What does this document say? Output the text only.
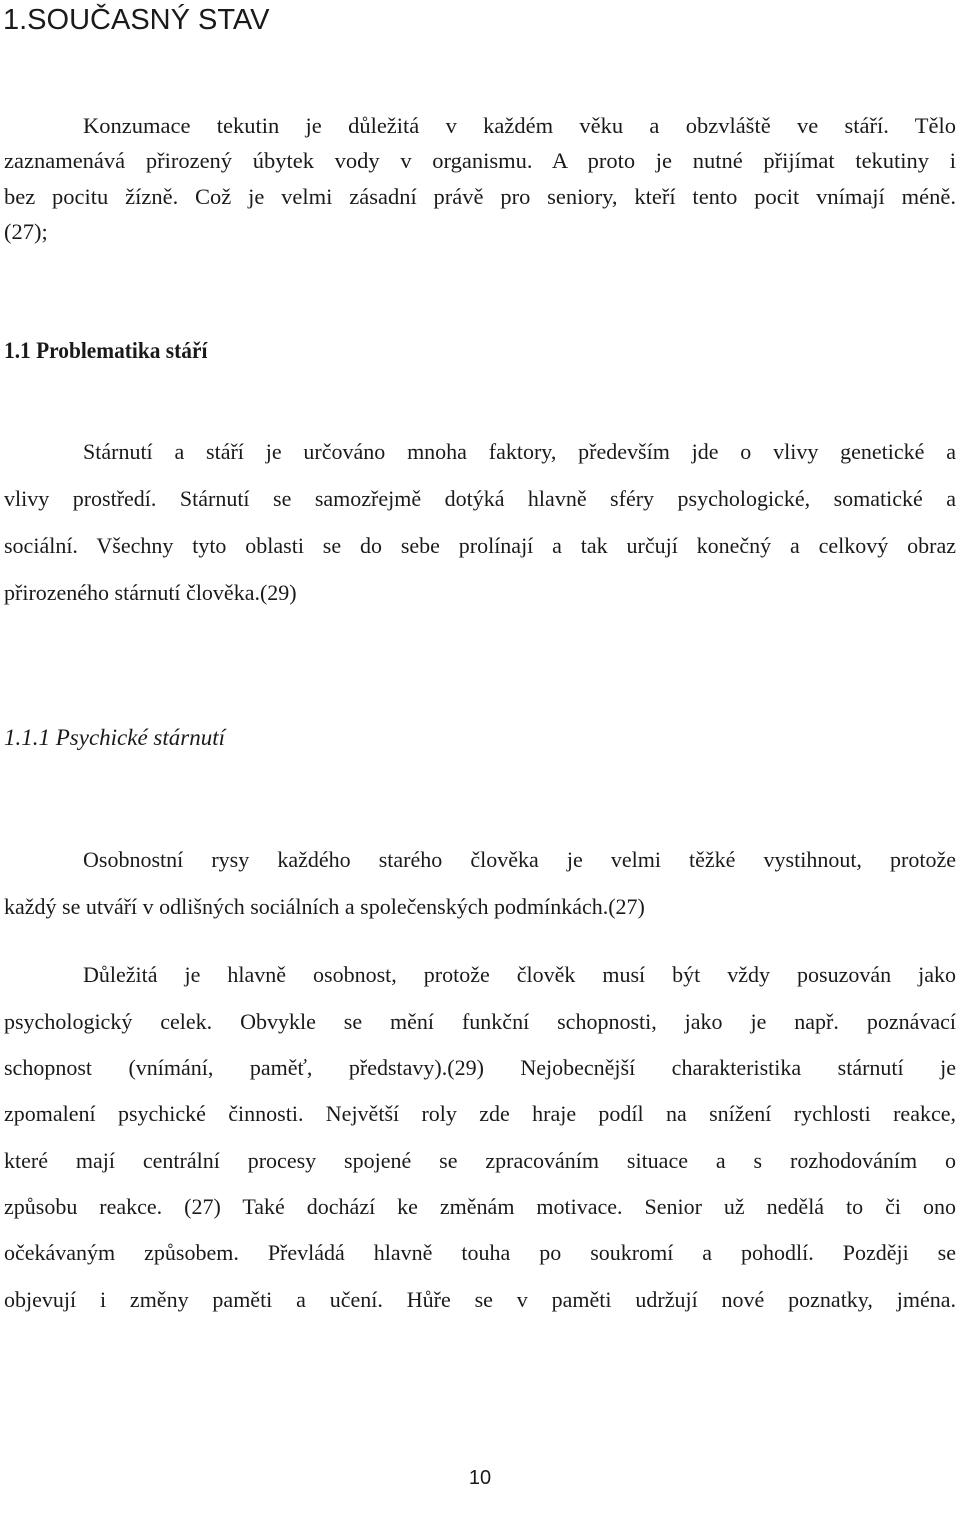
1.SOUČASNÝ STAV
Konzumace tekutin je důležitá v každém věku a obzvláště ve stáří. Tělo
zaznamenává přirozený úbytek vody v organismu. A proto je nutné přijímat tekutiny i
bez pocitu žízně. Což je velmi zásadní právě pro seniory, kteří tento pocit vnímají méně.
(27);
1.1 Problematika stáří
Stárnutí a stáří je určováno mnoha faktory, především jde o vlivy genetické a
vlivy prostředí. Stárnutí se samozřejmě dotýká hlavně sféry psychologické, somatické a
sociální. Všechny tyto oblasti se do sebe prolínají a tak určují konečný a celkový obraz
přirozeného stárnutí člověka.(29)
1.1.1 Psychické stárnutí
Osobnostní rysy každého starého člověka je velmi těžké vystihnout, protože
každý se utváří v odlišných sociálních a společenských podmínkách.(27)
Důležitá je hlavně osobnost, protože člověk musí být vždy posuzován jako
psychologický celek. Obvykle se mění funkční schopnosti, jako je např. poznávací
schopnost (vnímání, paměť, představy).(29) Nejobecnější charakteristika stárnutí je
zpomalení psychické činnosti. Největší roly zde hraje podíl na snížení rychlosti reakce,
které mají centrální procesy spojené se zpracováním situace a s rozhodováním o
způsobu reakce. (27) Také dochází ke změnám motivace. Senior už nedělá to či ono
očekávaným způsobem. Převládá hlavně touha po soukromí a pohodlí. Později se
objevují i změny paměti a učení. Hůře se v paměti udržují nové poznatky, jména.
10
